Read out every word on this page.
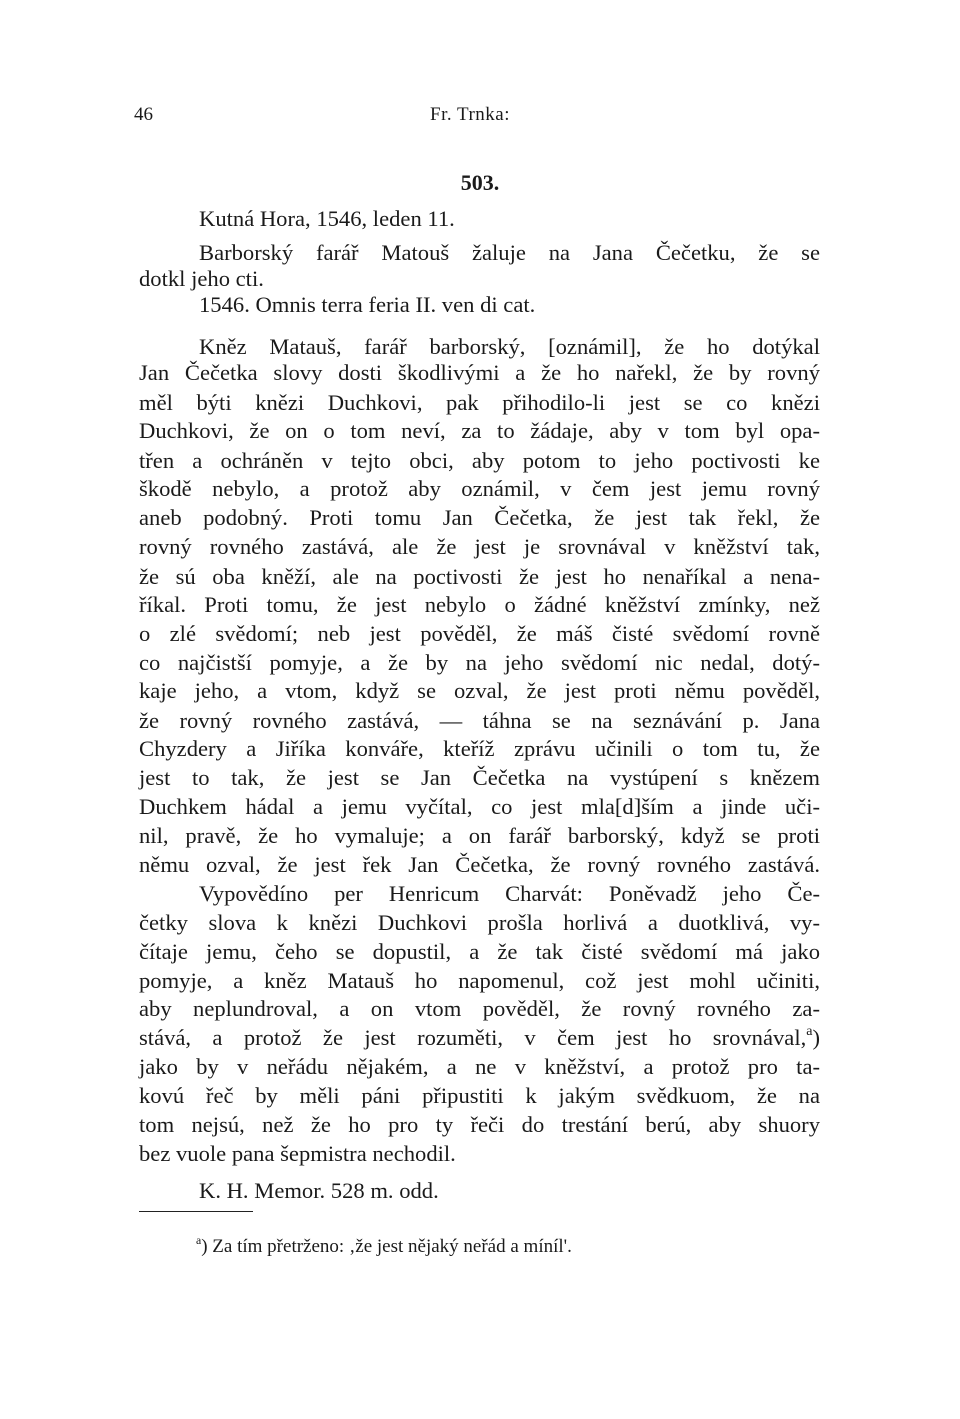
46	Fr. Trnka:
503.
Kutná Hora, 1546, leden 11.
Barborský farář Matouš žaluje na Jana Čečetku, že se
dotkl jeho cti.
1546. Omnis terra feria II. ven di cat.
Kněz Matauš, farář barborský, [oznámil], že ho dotýkal
Jan Čečetka slovy dosti škodlivými a že ho nařekl, že by rovný
měl býti knězi Duchkovi, pak přihodilo-li jest se co knězi
Duchkovi, že on o tom neví, za to žádaje, aby v tom byl opa-
třen a ochráněn v tejto obci, aby potom to jeho poctivosti ke
škodě nebylo, a protož aby oznámil, v čem jest jemu rovný
aneb podobný. Proti tomu Jan Čečetka, že jest tak řekl, že
rovný rovného zastává, ale že jest je srovnával v kněžství tak,
že sú oba kněží, ale na poctivosti že jest ho nenaříkal a nena-
říkal. Proti tomu, že jest nebylo o žádné kněžství zmínky, než
o zlé svědomí; neb jest pověděl, že máš čisté svědomí rovně
co najčistší pomyje, a že by na jeho svědomí nic nedal, dotý-
kaje jeho, a vtom, když se ozval, že jest proti němu pověděl,
že rovný rovného zastává, — táhna se na seznávání p. Jana
Chyzdery a Jiříka konváře, kteříž zprávu učinili o tom tu, že
jest to tak, že jest se Jan Čečetka na vystúpení s knězem
Duchkem hádal a jemu vyčítal, co jest mla[d]ším a jinde uči-
nil, pravě, že ho vymaluje; a on farář barborský, když se proti
němu ozval, že jest řek Jan Čečetka, že rovný rovného zastává.
Vypovědíno per Henricum Charvát: Poněvadž jeho Če-
četky slova k knězi Duchkovi prošla horlivá a duotklivá, vy-
čítaje jemu, čeho se dopustil, a že tak čisté svědomí má jako
pomyje, a kněz Matauš ho napomenul, což jest mohl učiniti,
aby neplundroval, a on vtom pověděl, že rovný rovného za-
stává, a protož že jest rozuměti, v čem jest ho srovnával,$^a$)
jako by v neřádu nějakém, a ne v kněžství, a protož pro ta-
kovú řeč by měli páni připustiti k jakým svědkuom, že na
tom nejsú, než že ho pro ty řeči do trestání berú, aby shuory
bez vuole pana šepmistra nechodil.
K. H. Memor. 528 m. odd.
$^a$) Za tím přetrženo: ‚že jest nějaký neřád a míníl'.
